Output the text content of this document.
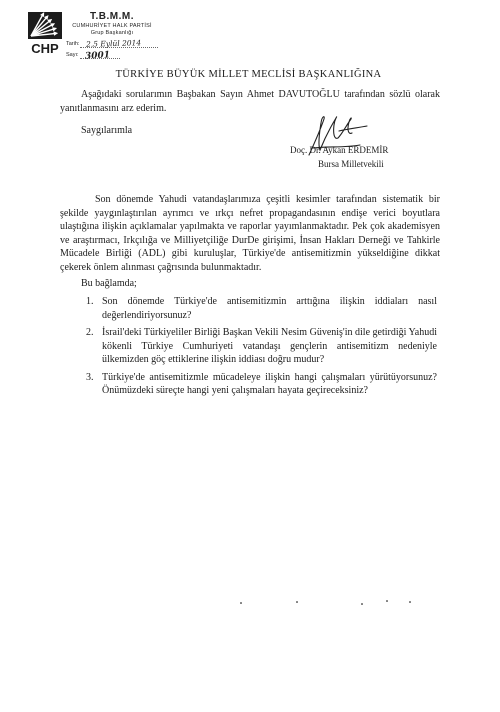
CHP
T.B.M.M.
CUMHURİYET HALK PARTİSİ
Grup Başkanlığı
Tarih: 2.5 Eylül 2014
Sayı: 3001
TÜRKİYE BÜYÜK MİLLET MECLİSİ BAŞKANLIĞINA
Aşağıdaki sorularımın Başbakan Sayın Ahmet DAVUTOĞLU tarafından sözlü olarak yanıtlanmasını arz ederim.
Saygılarımla
Doç. Dr. Aykan ERDEMİR
Bursa Milletvekili
Son dönemde Yahudi vatandaşlarımıza çeşitli kesimler tarafından sistematik bir şekilde yaygınlaştırılan ayrımcı ve ırkçı nefret propagandasının endişe verici boyutlara ulaştığına ilişkin açıklamalar yapılmakta ve raporlar yayımlanmaktadır. Pek çok akademisyen ve araştırmacı, Irkçılığa ve Milliyetçiliğe DurDe girişimi, İnsan Hakları Derneği ve Tahkirle Mücadele Birliği (ADL) gibi kuruluşlar, Türkiye'de antisemitizmin yükseldiğine dikkat çekerek önlem alınması çağrısında bulunmaktadır.
Bu bağlamda;
1. Son dönemde Türkiye'de antisemitizmin arttığına ilişkin iddiaları nasıl değerlendiriyorsunuz?
2. İsrail'deki Türkiyeliler Birliği Başkan Vekili Nesim Güveniş'in dile getirdiği Yahudi kökenli Türkiye Cumhuriyeti vatandaşı gençlerin antisemitizm nedeniyle ülkemizden göç ettiklerine ilişkin iddiası doğru mudur?
3. Türkiye'de antisemitizmle mücadeleye ilişkin hangi çalışmaları yürütüyorsunuz? Önümüzdeki süreçte hangi yeni çalışmaları hayata geçireceksiniz?
